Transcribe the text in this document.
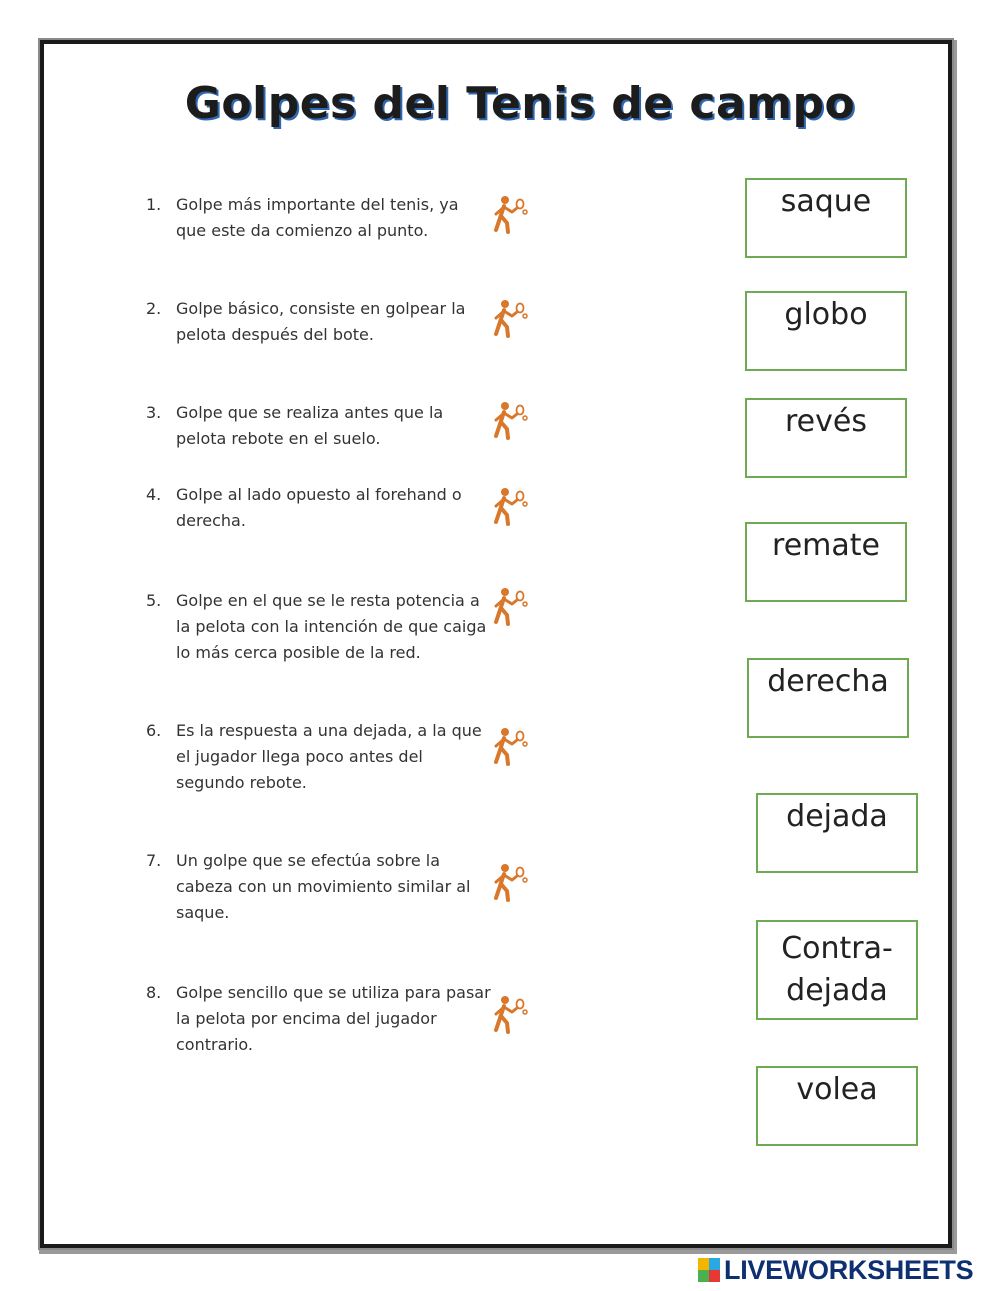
Golpes del Tenis de campo
1. Golpe más importante del tenis, ya que este da comienzo al punto.
2. Golpe básico, consiste en golpear la pelota después del bote.
3. Golpe que se realiza antes que la pelota rebote en el suelo.
4. Golpe al lado opuesto al forehand o derecha.
5. Golpe en el que se le resta potencia a la pelota con la intención de que caiga lo más cerca posible de la red.
6. Es la respuesta a una dejada, a la que el jugador llega poco antes del segundo rebote.
7. Un golpe que se efectúa sobre la cabeza con un movimiento similar al saque.
8. Golpe sencillo que se utiliza para pasar la pelota por encima del jugador contrario.
saque
globo
revés
remate
derecha
dejada
Contra-
dejada
volea
LIVEWORKSHEETS
